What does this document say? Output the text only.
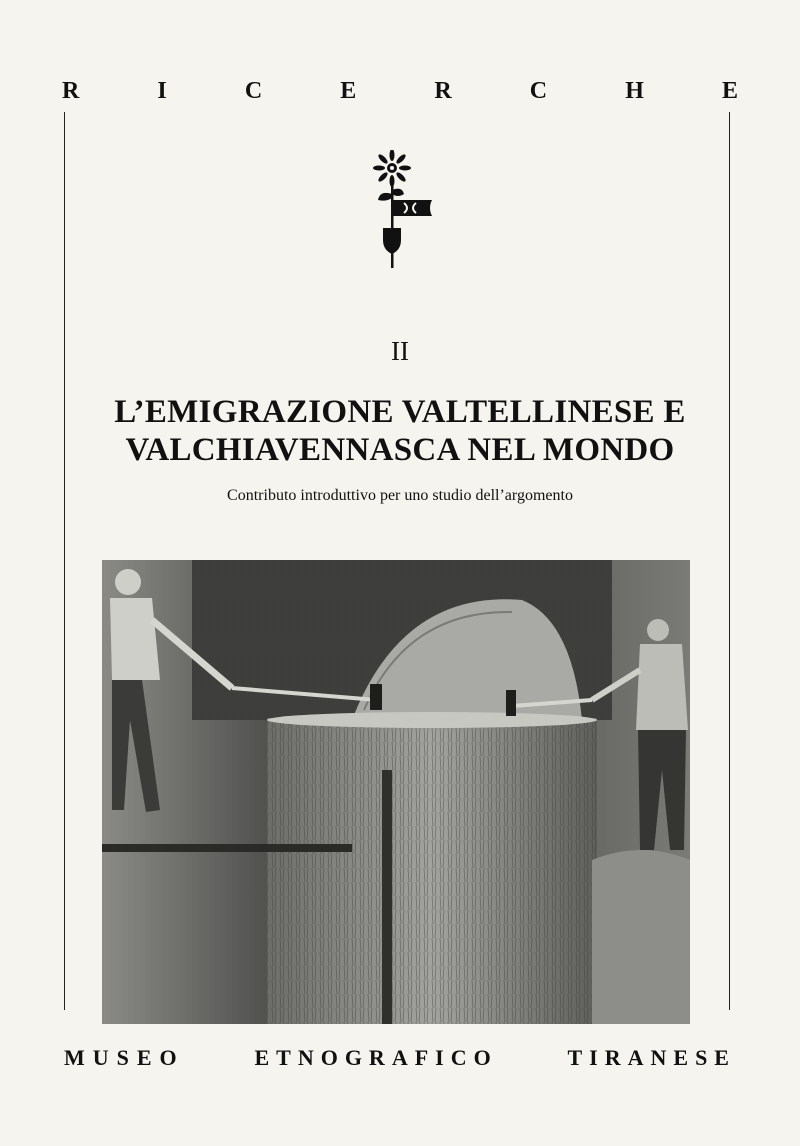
R	I	C	E	R	C	H	E
II
L’EMIGRAZIONE VALTELLINESE E
VALCHIAVENNASCA NEL MONDO
Contributo introduttivo per uno studio dell’argomento
MUSEO	ETNOGRAFICO	TIRANESE
